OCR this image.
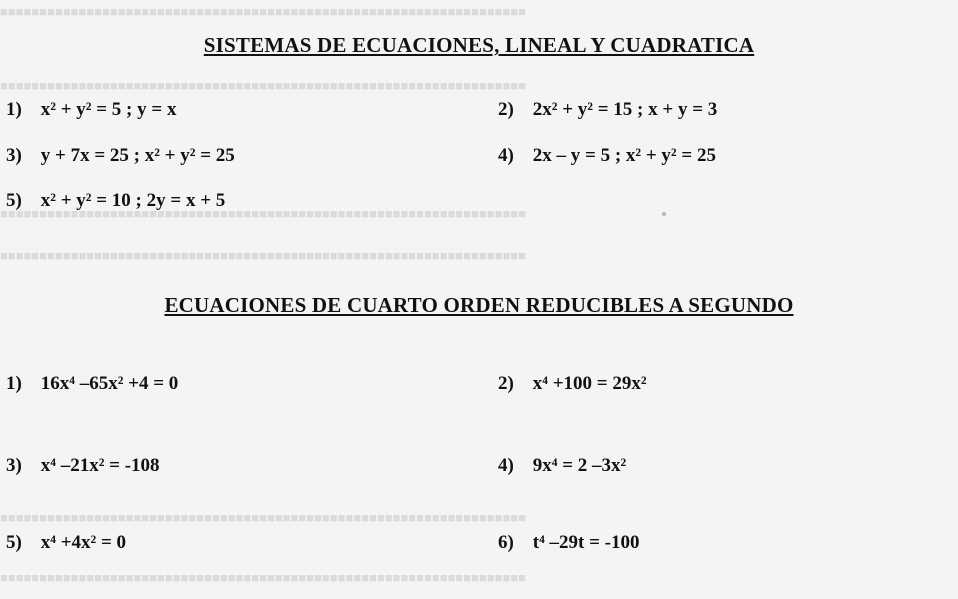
■■■■■■■■■■■■■■■■■■■■■■■■■■■■■■■■■■■■■■■■■■■■■■■■■■■■■■■■■■■■■■■■■■■
■■■■■■■■■■■■■■■■■■■■■■■■■■■■■■■■■■■■■■■■■■■■■■■■■■■■■■■■■■■■■■■■■■■
■■■■■■■■■■■■■■■■■■■■■■■■■■■■■■■■■■■■■■■■■■■■■■■■■■■■■■■■■■■■■■■■■■■
■■■■■■■■■■■■■■■■■■■■■■■■■■■■■■■■■■■■■■■■■■■■■■■■■■■■■■■■■■■■■■■■■■■
■■■■■■■■■■■■■■■■■■■■■■■■■■■■■■■■■■■■■■■■■■■■■■■■■■■■■■■■■■■■■■■■■■■
■■■■■■■■■■■■■■■■■■■■■■■■■■■■■■■■■■■■■■■■■■■■■■■■■■■■■■■■■■■■■■■■■■■
SISTEMAS DE ECUACIONES, LINEAL Y CUADRATICA
1) x² + y² = 5 ; y = x	2) 2x² + y² = 15 ; x + y = 3
3) y + 7x = 25 ; x² + y² = 25	4) 2x – y = 5 ; x² + y² = 25
5) x² + y² = 10 ; 2y = x + 5
ECUACIONES DE CUARTO ORDEN REDUCIBLES A SEGUNDO
1) 16x⁴ –65x² +4 = 0	2) x⁴ +100 = 29x²
3) x⁴ –21x² = -108	4) 9x⁴ = 2 –3x²
5) x⁴ +4x² = 0	6) t⁴ –29t = -100
